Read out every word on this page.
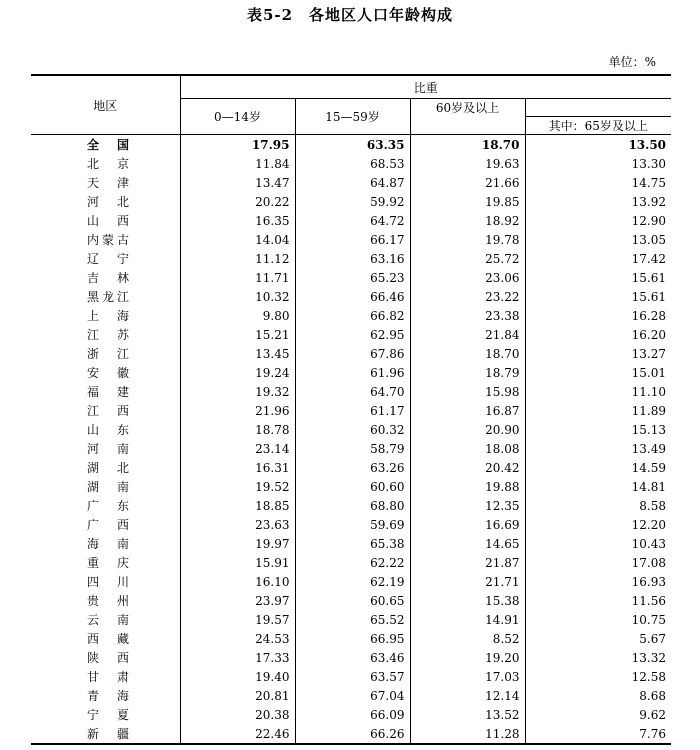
表5-2　各地区人口年龄构成
单位：%
地区	比重			
	0—14岁	15—59岁	60岁及以上	
				其中：65岁及以上
全国	17.95	63.35	18.70	13.50
北京	11.84	68.53	19.63	13.30
天津	13.47	64.87	21.66	14.75
河北	20.22	59.92	19.85	13.92
山西	16.35	64.72	18.92	12.90
内蒙古	14.04	66.17	19.78	13.05
辽宁	11.12	63.16	25.72	17.42
吉林	11.71	65.23	23.06	15.61
黑龙江	10.32	66.46	23.22	15.61
上海	9.80	66.82	23.38	16.28
江苏	15.21	62.95	21.84	16.20
浙江	13.45	67.86	18.70	13.27
安徽	19.24	61.96	18.79	15.01
福建	19.32	64.70	15.98	11.10
江西	21.96	61.17	16.87	11.89
山东	18.78	60.32	20.90	15.13
河南	23.14	58.79	18.08	13.49
湖北	16.31	63.26	20.42	14.59
湖南	19.52	60.60	19.88	14.81
广东	18.85	68.80	12.35	8.58
广西	23.63	59.69	16.69	12.20
海南	19.97	65.38	14.65	10.43
重庆	15.91	62.22	21.87	17.08
四川	16.10	62.19	21.71	16.93
贵州	23.97	60.65	15.38	11.56
云南	19.57	65.52	14.91	10.75
西藏	24.53	66.95	8.52	5.67
陕西	17.33	63.46	19.20	13.32
甘肃	19.40	63.57	17.03	12.58
青海	20.81	67.04	12.14	8.68
宁夏	20.38	66.09	13.52	9.62
新疆	22.46	66.26	11.28	7.76
